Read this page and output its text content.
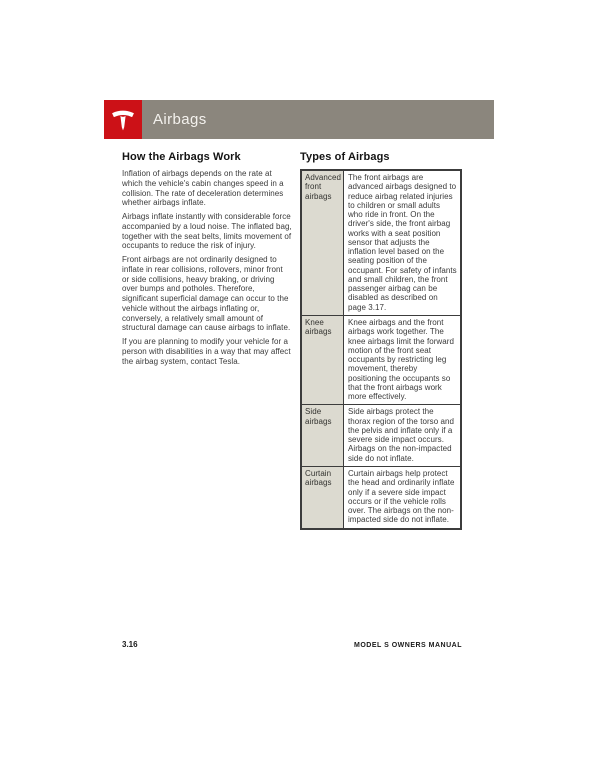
Airbags
How the Airbags Work

Inflation of airbags depends on the rate at which the vehicle's cabin changes speed in a collision. The rate of deceleration determines whether airbags inflate.

Airbags inflate instantly with considerable force accompanied by a loud noise. The inflated bag, together with the seat belts, limits movement of occupants to reduce the risk of injury.

Front airbags are not ordinarily designed to inflate in rear collisions, rollovers, minor front or side collisions, heavy braking, or driving over bumps and potholes. Therefore, significant superficial damage can occur to the vehicle without the airbags inflating or, conversely, a relatively small amount of structural damage can cause airbags to inflate.

If you are planning to modify your vehicle for a person with disabilities in a way that may affect the airbag system, contact Tesla.

Types of Airbags
Advanced front airbags	The front airbags are advanced airbags designed to reduce airbag related injuries to children or small adults who ride in front. On the driver's side, the front airbag works with a seat position sensor that adjusts the inflation level based on the seating position of the occupant. For safety of infants and small children, the front passenger airbag can be disabled as described on page 3.17.
Knee airbags	Knee airbags and the front airbags work together. The knee airbags limit the forward motion of the front seat occupants by restricting leg movement, thereby positioning the occupants so that the front airbags work more effectively.
Side airbags	Side airbags protect the thorax region of the torso and the pelvis and inflate only if a severe side impact occurs. Airbags on the non-impacted side do not inflate.
Curtain airbags	Curtain airbags help protect the head and ordinarily inflate only if a severe side impact occurs or if the vehicle rolls over. The airbags on the non-impacted side do not inflate.
3.16	MODEL S OWNERS MANUAL
